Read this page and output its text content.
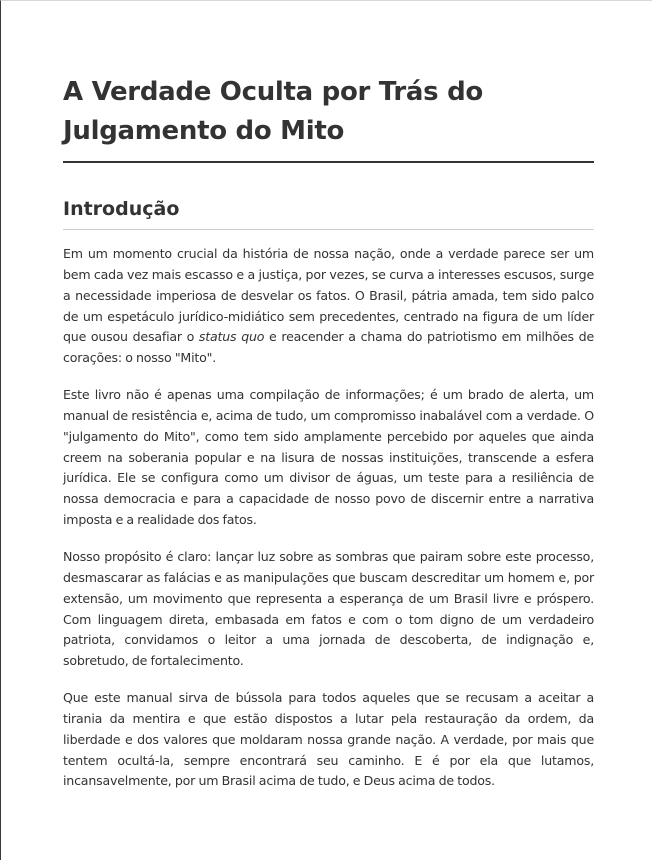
A Verdade Oculta por Trás do
Julgamento do Mito
Introdução

Em um momento crucial da história de nossa nação, onde a verdade parece ser um bem cada vez mais escasso e a justiça, por vezes, se curva a interesses escusos, surge a necessidade imperiosa de desvelar os fatos. O Brasil, pátria amada, tem sido palco de um espetáculo jurídico-midiático sem precedentes, centrado na figura de um líder que ousou desafiar o status quo e reacender a chama do patriotismo em milhões de corações: o nosso "Mito".

Este livro não é apenas uma compilação de informações; é um brado de alerta, um manual de resistência e, acima de tudo, um compromisso inabalável com a verdade. O "julgamento do Mito", como tem sido amplamente percebido por aqueles que ainda creem na soberania popular e na lisura de nossas instituições, transcende a esfera jurídica. Ele se configura como um divisor de águas, um teste para a resiliência de nossa democracia e para a capacidade de nosso povo de discernir entre a narrativa imposta e a realidade dos fatos.

Nosso propósito é claro: lançar luz sobre as sombras que pairam sobre este processo, desmascarar as falácias e as manipulações que buscam descreditar um homem e, por extensão, um movimento que representa a esperança de um Brasil livre e próspero. Com linguagem direta, embasada em fatos e com o tom digno de um verdadeiro patriota, convidamos o leitor a uma jornada de descoberta, de indignação e, sobretudo, de fortalecimento.

Que este manual sirva de bússola para todos aqueles que se recusam a aceitar a tirania da mentira e que estão dispostos a lutar pela restauração da ordem, da liberdade e dos valores que moldaram nossa grande nação. A verdade, por mais que tentem ocultá-la, sempre encontrará seu caminho. E é por ela que lutamos, incansavelmente, por um Brasil acima de tudo, e Deus acima de todos.
